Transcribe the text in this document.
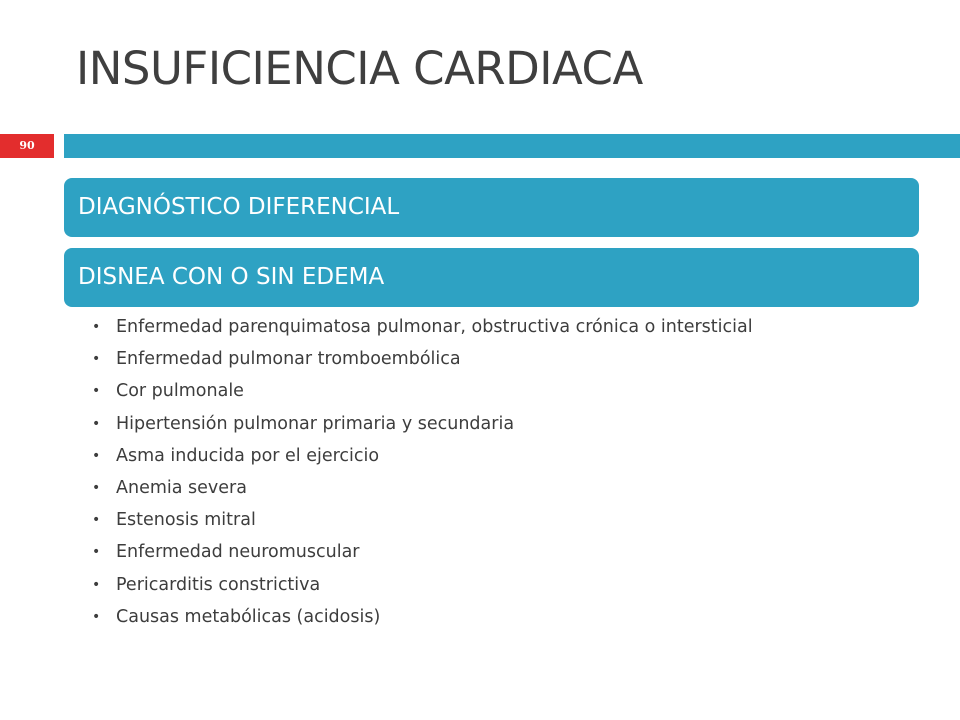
INSUFICIENCIA CARDIACA
90
DIAGNÓSTICO DIFERENCIAL
DISNEA CON O SIN EDEMA
• Enfermedad parenquimatosa pulmonar, obstructiva crónica o intersticial
• Enfermedad pulmonar tromboembólica
• Cor pulmonale
• Hipertensión pulmonar primaria y secundaria
• Asma inducida por el ejercicio
• Anemia severa
• Estenosis mitral
• Enfermedad neuromuscular
• Pericarditis constrictiva
• Causas metabólicas (acidosis)
